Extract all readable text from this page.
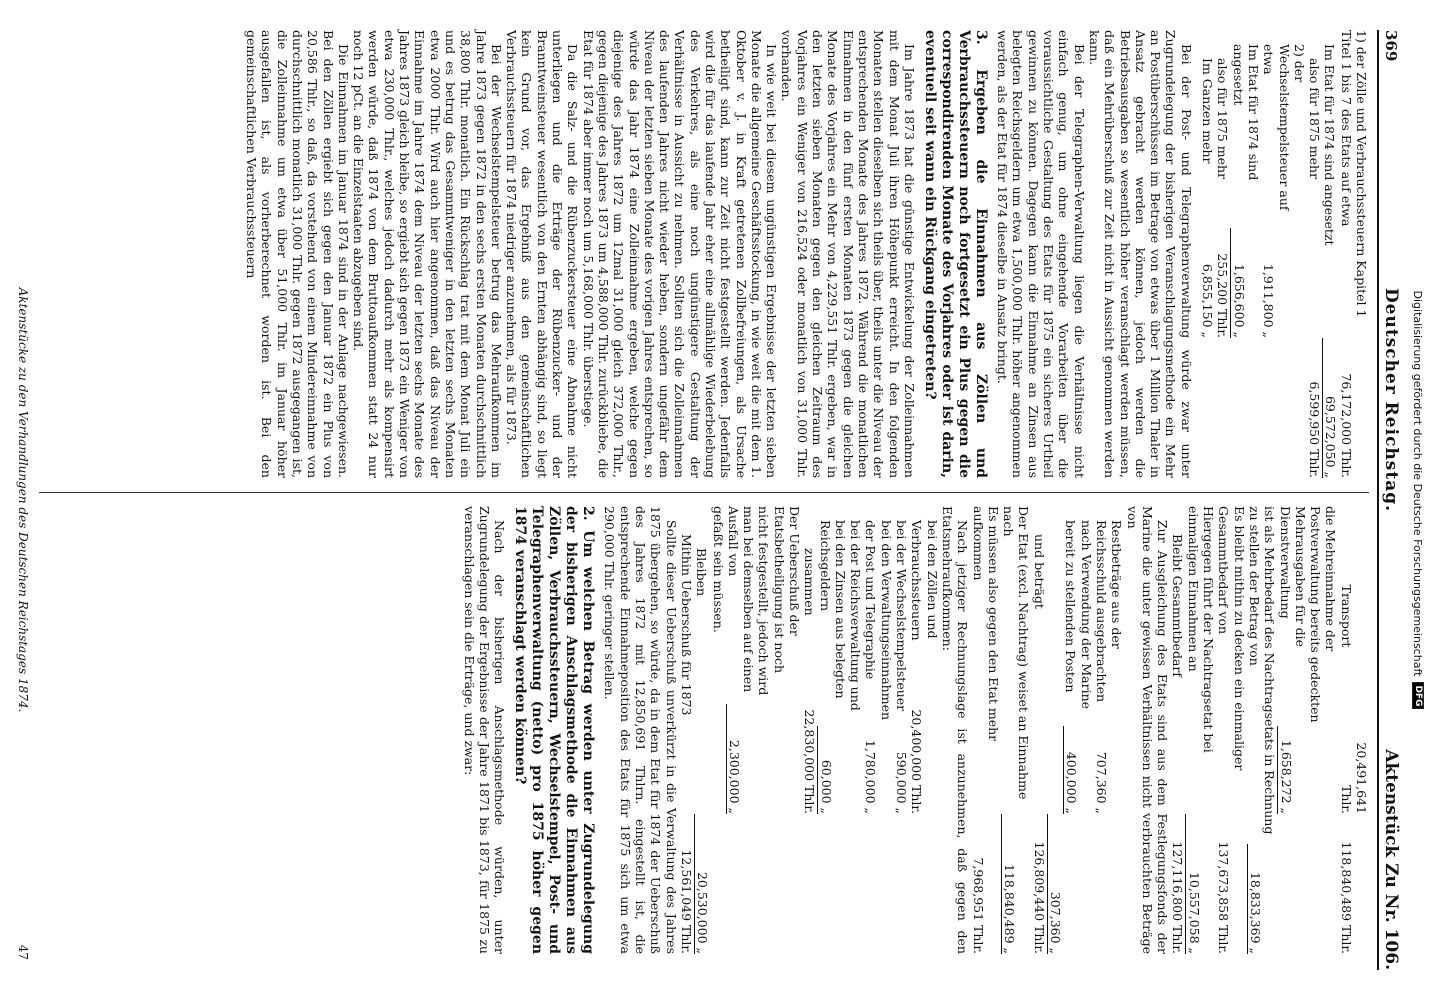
Digitalisierung gefördert durch die Deutsche Forschungsgemeinschaft
DFG
369
Deutscher Reichstag.
Aktenstück Zu Nr. 106.
1) der Zölle und Verbrauchssteuern Kapitel 1 Titel 1 bis 7 des Etats auf etwa
76,172,000 Thlr.
Im Etat für 1874 sind angesetzt
69,572,050 „
also für 1875 mehr
6,599,950 Thlr.
2) der Wechselstempelsteuer auf etwa
1,911,800 „
Im Etat für 1874 sind angesetzt
1,656,600 „
also für 1875 mehr
255,200 Thlr.
Im Ganzen mehr
6,855,150 „

Bei der Post- und Telegraphenverwaltung würde zwar unter Zugrundelegung der bisherigen Veranschlagungsmethode ein Mehr an Postüberschüssen im Betrage von etwas über 1 Million Thaler in Ansatz gebracht werden können, jedoch werden die Betriebsausgaben so wesentlich höher veranschlagt werden müssen, daß ein Mehrüberschuß zur Zeit nicht in Aussicht genommen werden kann.

Bei der Telegraphen-Verwaltung liegen die Verhältnisse nicht einfach genug, um ohne eingehende Vorarbeiten über die voraussichtliche Gestaltung des Etats für 1875 ein sicheres Urtheil gewinnen zu können. Dagegen kann die Einnahme an Zinsen aus belegten Reichsgeldern um etwa 1,500,000 Thlr. höher angenommen werden, als der Etat für 1874 dieselbe in Ansatz bringt.

3. Ergeben die Einnahmen aus Zöllen und Verbrauchssteuern noch fortgesetzt ein Plus gegen die correspondirenden Monate des Vorjahres oder ist darin, eventuell seit wann ein Rückgang eingetreten?

Im Jahre 1873 hat die günstige Entwickelung der Zolleinnahmen mit dem Monat Juli ihren Höhepunkt erreicht. In den folgenden Monaten stellen dieselben sich theils über, theils unter die Niveau der entsprechenden Monate des Jahres 1872. Während die monatlichen Einnahmen in den fünf ersten Monaten 1873 gegen die gleichen Monate des Vorjahres ein Mehr von 4,229,551 Thlr. ergeben, war in den letzten sieben Monaten gegen den gleichen Zeitraum des Vorjahres ein Weniger von 216,524 oder monatlich von 31,000 Thlr. vorhanden.

In wie weit bei diesem ungünstigen Ergebnisse der letzten sieben Monate die allgemeine Geschäftsstockung, in wie weit die mit dem 1. Oktober v. J. in Kraft getretenen Zollbefreiungen, als Ursache betheiligt sind, kann zur Zeit nicht festgestellt werden. Jedenfalls wird die für das laufende Jahr eher eine allmählige Wiederbelebung des Verkehres, als eine noch ungünstigere Gestaltung der Verhältnisse in Aussicht zu nehmen. Sollten sich die Zolleinnahmen des laufenden Jahres nicht wieder heben, sondern ungefähr dem Niveau der letzten sieben Monate des vorigen Jahres entsprechen, so würde das Jahr 1874 eine Zolleinnahme ergeben, welche gegen diejenige des Jahres 1872 um 12mal 31,000 gleich 372,000 Thlr., gegen diejenige des Jahres 1873 um 4,588,000 Thlr. zurückbliebe, die Etat für 1874 aber immer noch um 5,168,000 Thlr. überstiege.

Da die Salz- und die Rübenzuckersteuer eine Abnahme nicht unterliegen und die Erträge der Rübenzucker- und der Branntweinsteuer wesentlich von den Ernten abhängig sind, so liegt kein Grund vor, das Ergebniß aus den gemeinschaftlichen Verbrauchssteuern für 1874 niedriger anzunehmen, als für 1873.

Bei der Wechselstempelsteuer betrug das Mehraufkommen im Jahre 1873 gegen 1872 in den sechs ersten Monaten durchschnittlich 38,800 Thlr. monatlich. Ein Rückschlag trat mit dem Monat Juli ein und es betrug das Gesammtweniger in den letzten sechs Monaten etwa 2000 Thlr. Wird auch hier angenommen, daß das Niveau der Einnahme im Jahre 1874 dem Niveau der letzten sechs Monate des Jahres 1873 gleich bleibe, so ergiebt sich gegen 1873 ein Weniger von etwa 230,000 Thlr., welches jedoch dadurch mehr als kompensirt werden würde, daß 1874 von dem Bruttoaufkommen statt 24 nur noch 12 pCt. an die Einzelstaaten abzugeben sind.

Die Einnahmen im Januar 1874 sind in der Anlage nachgewiesen. Bei den Zöllen ergiebt sich gegen den Januar 1872 ein Plus von 20,586 Thlr., so daß, da vorstehend von einem Mindereinnahme von durchschnittlich monatlich 31,000 Thlr. gegen 1872 ausgegangen ist, die Zolleinnahme um etwa über 51,000 Thlr. im Januar höher ausgefallen ist, als vorherberechnet worden ist. Bei den gemeinschaftlichen Verbrauchssteuern

Transport
20,491,641 Thlr.
118,840,489 Thlr.
die Mehreinnahme der Postverwaltung bereits gedeckten Mehrausgaben für die Dienstverwaltung
1,658,272 „
ist als Mehrbedarf des Nachtragsetats in Rechnung zu stellen der Betrag von
18,833,369 „
Es bleibt mithin zu decken ein einmaliger Gesammtbedarf von
137,673,858 Thlr.
Hiergegen führt der Nachtragsetat bei einmaligen Einnahmen an
10,557,058 „
Bleibt Gesammtbedarf
127,116,800 Thlr.

Zur Ausgleichung des Etats sind aus dem Festlegungsfonds der Marine die unter gewissen Verhältnissen nicht verbrauchten Beträge von

Restbeträge aus der Reichsschuld ausgebrachten
707,360 „
nach Verwendung der Marine bereit zu stellenden Posten
400,000 „
307,360 „
und beträgt
126,809,440 Thlr.
Der Etat (excl. Nachtrag) weiset an Einnahme nach
118,840,489 „
Es müssen also gegen den Etat mehr aufkommen
7,968,951 Thlr.

Nach jetziger Rechnungslage ist anzunehmen, daß gegen den Etatsmehraufkommen:

bei den Zöllen und Verbrauchssteuern
20,400,000 Thlr.
bei der Wechselstempelsteuer
590,000 „
bei den Verwaltungseinnahmen der Post und Telegraphie
1,780,000 „
bei der Reichsverwaltung und bei den Zinsen aus belegten Reichsgeldern
60,000 „
zusammen
22,830,000 Thlr.
Der Ueberschuß der Etatsbetheiligung ist noch nicht festgestellt, jedoch wird man bei demselben auf einen Ausfall von
2,300,000 „
gefaßt sein müssen.
Bleiben
20,530,000 „
Mithin Ueberschuß für 1873
12,561,049 Thlr.

Sollte dieser Ueberschuß unverkürzt in die Verwaltung des Jahres 1875 übergehen, so würde, da in dem Etat für 1874 der Ueberschuß des Jahres 1872 mit 12,850,691 Thlrn. eingestellt ist, die entsprechende Einnahmeposition des Etats für 1875 sich um etwa 290,000 Thlr. geringer stellen.

2. Um welchen Betrag werden unter Zugrundelegung der bisherigen Anschlagsmethode die Einnahmen aus Zöllen, Verbrauchssteuern, Wechselstempel, Post- und Telegraphenverwaltung (netto) pro 1875 höher gegen 1874 veranschlagt werden können?

Nach der bisherigen Anschlagsmethode würden, unter Zugrundelegung der Ergebnisse der Jahre 1871 bis 1873, für 1875 zu veranschlagen sein die Erträge, und zwar:

Aktenstücke zu den Verhandlungen des Deutschen Reichstages 1874.
47
